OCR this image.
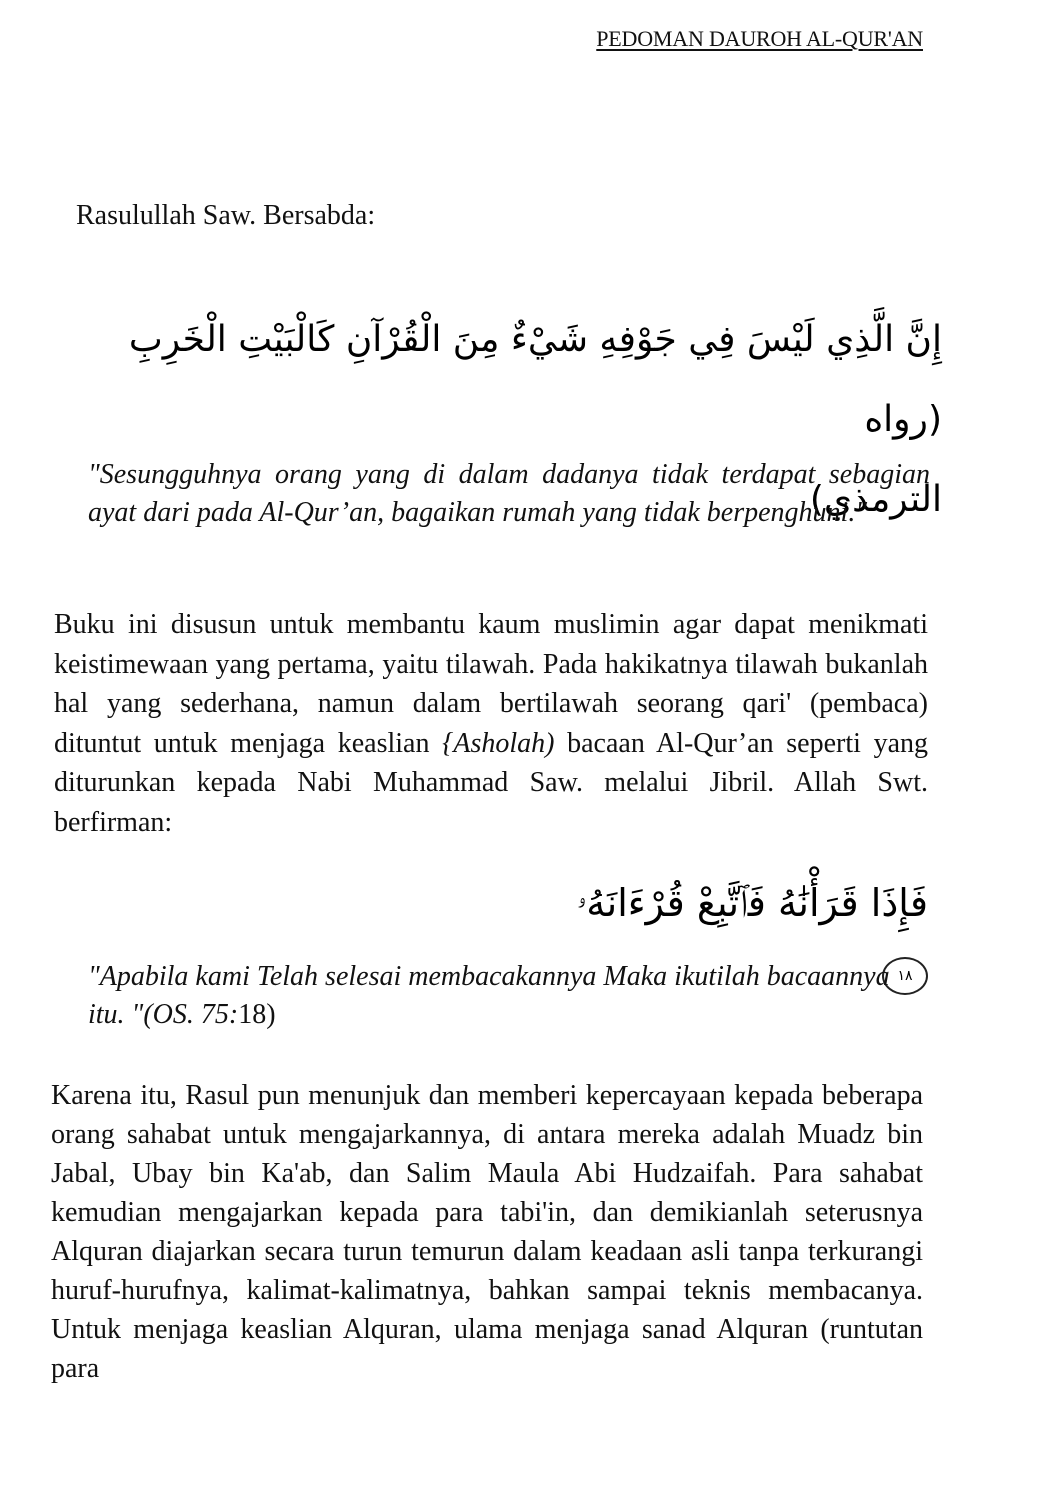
PEDOMAN DAUROH AL-QUR'AN
Rasulullah Saw. Bersabda:
إِنَّ الَّذِي لَيْسَ فِي جَوْفِهِ شَيْءٌ مِنَ الْقُرْآنِ كَالْبَيْتِ الْخَرِبِ (رواه
الترمذي)
"Sesungguhnya orang yang di dalam dadanya tidak terdapat sebagian ayat dari pada Al-Qur’an, bagaikan rumah yang tidak berpenghuni."
Buku ini disusun untuk membantu kaum muslimin agar dapat menikmati keistimewaan yang pertama, yaitu tilawah. Pada hakikatnya tilawah bukanlah hal yang sederhana, namun dalam bertilawah seorang qari' (pembaca) dituntut untuk menjaga keaslian {Asholah) bacaan Al-Qur’an seperti yang diturunkan kepada Nabi Muhammad Saw. melalui Jibril. Allah Swt. berfirman:
فَإِذَا قَرَأْنَٰهُ فَٱتَّبِعْ قُرْءَانَهُۥ ١٨
"Apabila kami Telah selesai membacakannya Maka ikutilah bacaannya itu. "(OS. 75:18)
Karena itu, Rasul pun menunjuk dan memberi kepercayaan kepada beberapa orang sahabat untuk mengajarkannya, di antara mereka adalah Muadz bin Jabal, Ubay bin Ka'ab, dan Salim Maula Abi Hudzaifah. Para sahabat kemudian mengajarkan kepada para tabi'in, dan demikianlah seterusnya Alquran diajarkan secara turun temurun dalam keadaan asli tanpa terkurangi huruf-hurufnya, kalimat-kalimatnya, bahkan sampai teknis membacanya. Untuk menjaga keaslian Alquran, ulama menjaga sanad Alquran (runtutan para
